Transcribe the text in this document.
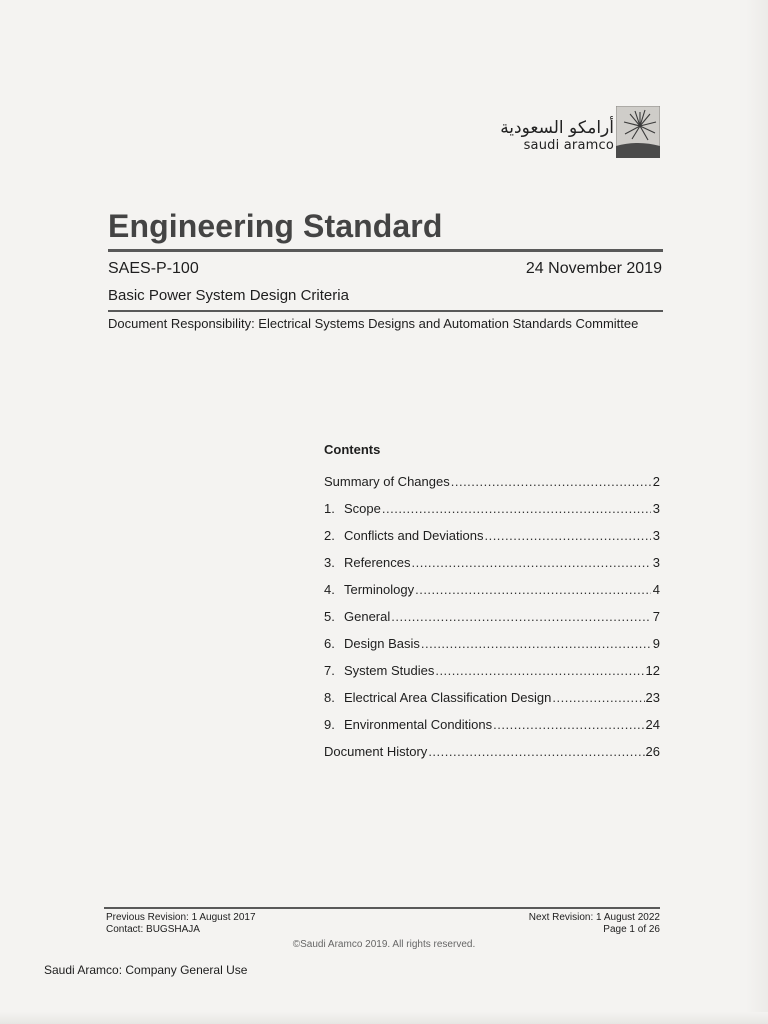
أرامكو السعودية
saudi aramco
Engineering Standard
SAES-P-100	24 November 2019
Basic Power System Design Criteria
Document Responsibility: Electrical Systems Designs and Automation Standards Committee
Contents
Summary of Changes .....	2
1. Scope .....	3
2. Conflicts and Deviations .....	3
3. References .....	3
4. Terminology .....	4
5. General .....	7
6. Design Basis .....	9
7. System Studies .....	12
8. Electrical Area Classification Design .....	23
9. Environmental Conditions .....	24
Document History .....	26
Previous Revision: 1 August 2017
Contact: BUGSHAJA
Next Revision: 1 August 2022
Page 1 of 26
©Saudi Aramco 2019. All rights reserved.
Saudi Aramco: Company General Use
